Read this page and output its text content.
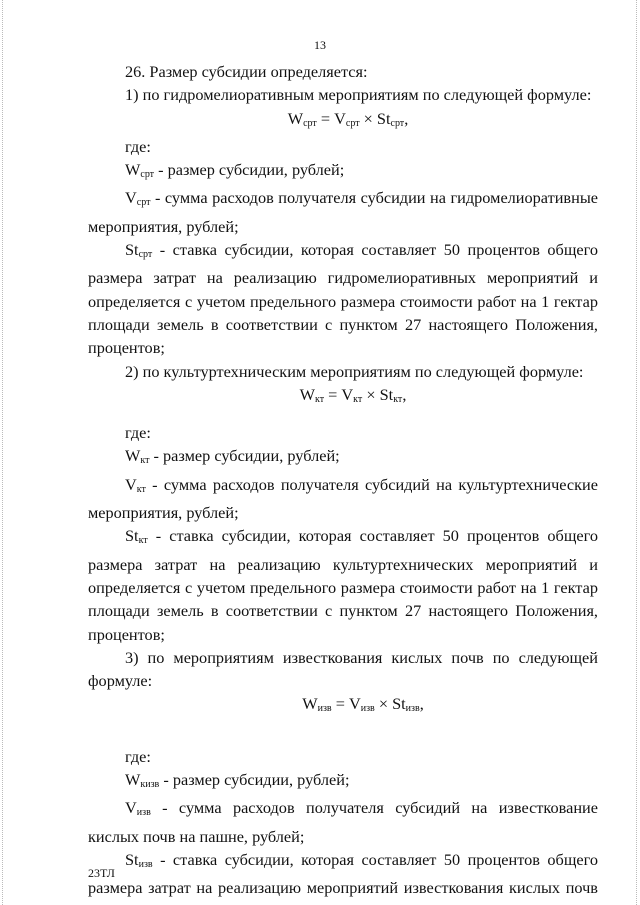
13

26. Размер субсидии определяется:

1) по гидромелиоративным мероприятиям по следующей формуле:

$W_{срт} = V_{срт} \times St_{срт}$,

где:

$W_{срт}$ - размер субсидии, рублей;

$V_{срт}$ - сумма расходов получателя субсидии на гидромелиоративные мероприятия, рублей;

$St_{срт}$ - ставка субсидии, которая составляет 50 процентов общего размера затрат на реализацию гидромелиоративных мероприятий и определяется с учетом предельного размера стоимости работ на 1 гектар площади земель в соответствии с пунктом 27 настоящего Положения, процентов;

2) по культуртехническим мероприятиям по следующей формуле:

$W_{кт} = V_{кт} \times St_{кт}$,

где:

$W_{кт}$ - размер субсидии, рублей;

$V_{кт}$ - сумма расходов получателя субсидий на культуртехнические мероприятия, рублей;

$St_{кт}$ - ставка субсидии, которая составляет 50 процентов общего размера затрат на реализацию культуртехнических мероприятий и определяется с учетом предельного размера стоимости работ на 1 гектар площади земель в соответствии с пунктом 27 настоящего Положения, процентов;

3) по мероприятиям известкования кислых почв по следующей формуле:

$W_{изв} = V_{изв} \times St_{изв}$,

где:

$W_{кизв}$ - размер субсидии, рублей;

$V_{изв}$ - сумма расходов получателя субсидий на известкование кислых почв на пашне, рублей;

$St_{изв}$ - ставка субсидии, которая составляет 50 процентов общего размера затрат на реализацию мероприятий известкования кислых почв

23ТЛ
